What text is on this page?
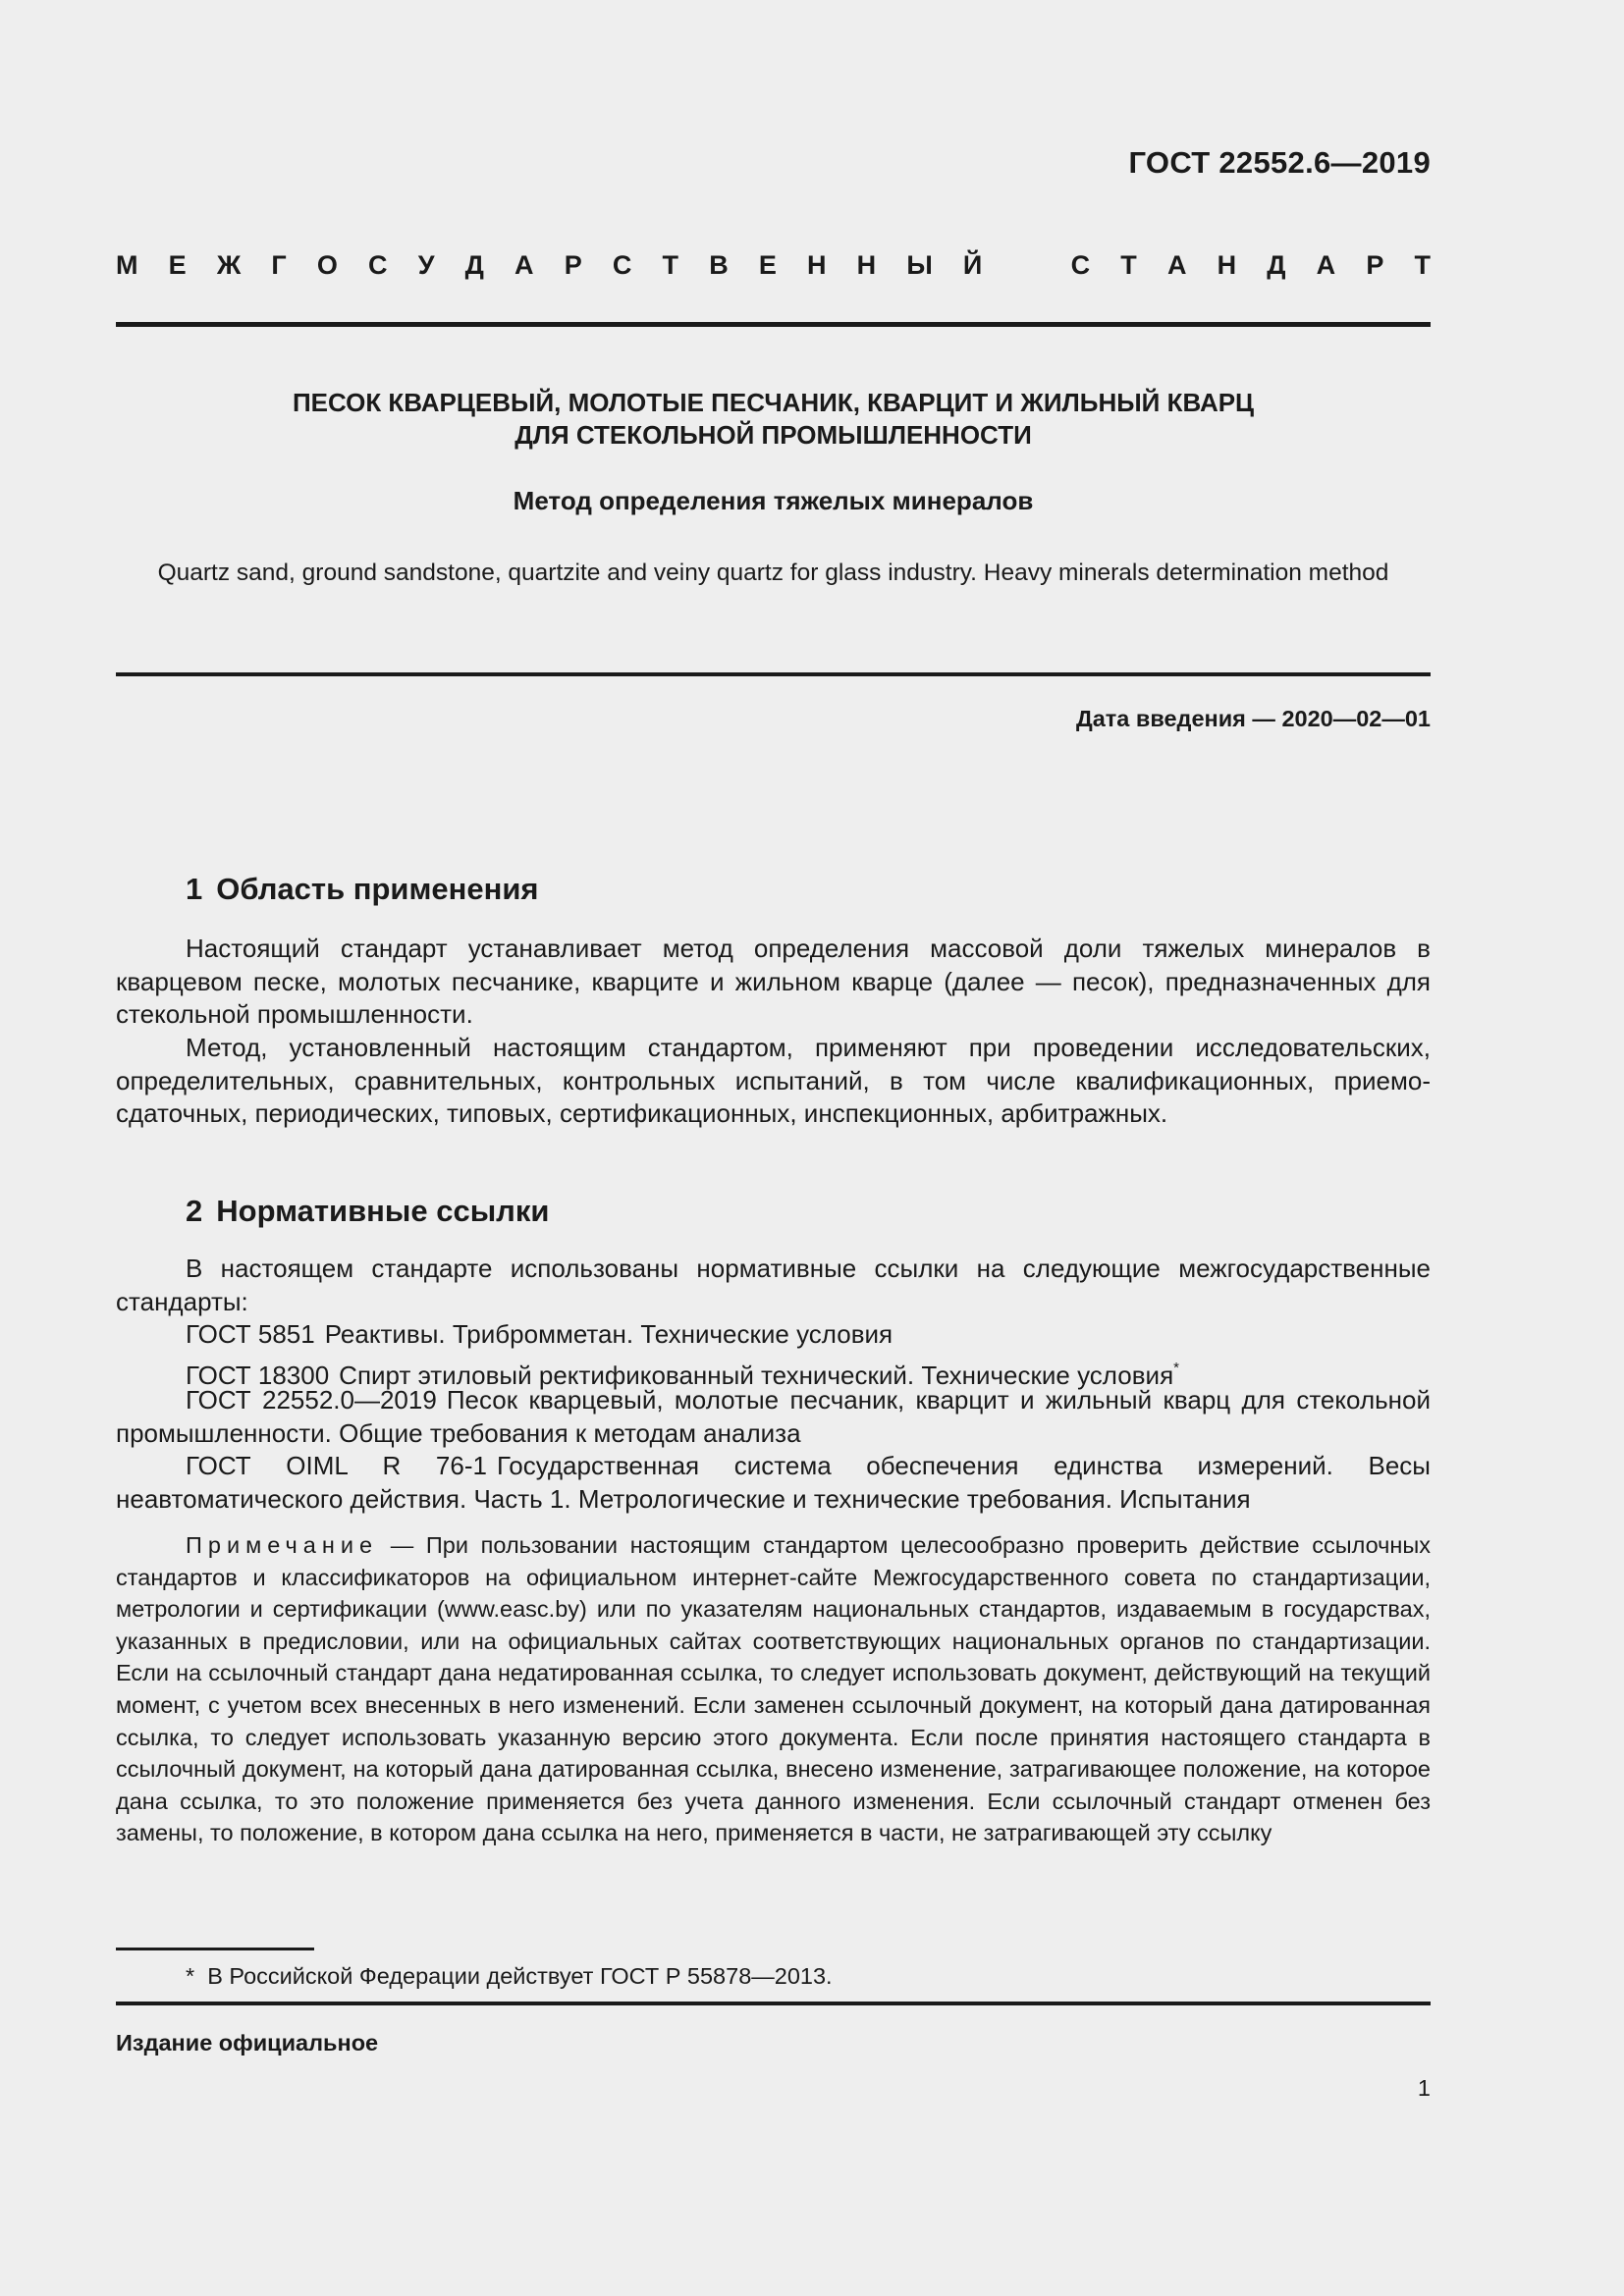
ГОСТ 22552.6—2019
М Е Ж Г О С У Д А Р С Т В Е Н Н Ы Й	С Т А Н Д А Р Т
ПЕСОК КВАРЦЕВЫЙ, МОЛОТЫЕ ПЕСЧАНИК, КВАРЦИТ И ЖИЛЬНЫЙ КВАРЦ
ДЛЯ СТЕКОЛЬНОЙ ПРОМЫШЛЕННОСТИ
Метод определения тяжелых минералов
Quartz sand, ground sandstone, quartzite and veiny quartz for glass industry. Heavy minerals determination method
Дата введения — 2020—02—01
1 Область применения
Настоящий стандарт устанавливает метод определения массовой доли тяжелых минералов в кварцевом песке, молотых песчанике, кварците и жильном кварце (далее — песок), предназначенных для стекольной промышленности.
Метод, установленный настоящим стандартом, применяют при проведении исследовательских, определительных, сравнительных, контрольных испытаний, в том числе квалификационных, приемо-сдаточных, периодических, типовых, сертификационных, инспекционных, арбитражных.
2 Нормативные ссылки
В настоящем стандарте использованы нормативные ссылки на следующие межгосударственные стандарты:
ГОСТ 5851 Реактивы. Трибромметан. Технические условия
ГОСТ 18300 Спирт этиловый ректификованный технический. Технические условия*
ГОСТ 22552.0—2019 Песок кварцевый, молотые песчаник, кварцит и жильный кварц для стекольной промышленности. Общие требования к методам анализа
ГОСТ OIML R 76-1 Государственная система обеспечения единства измерений. Весы неавтоматического действия. Часть 1. Метрологические и технические требования. Испытания
Примечание — При пользовании настоящим стандартом целесообразно проверить действие ссылочных стандартов и классификаторов на официальном интернет-сайте Межгосударственного совета по стандартизации, метрологии и сертификации (www.easc.by) или по указателям национальных стандартов, издаваемым в государствах, указанных в предисловии, или на официальных сайтах соответствующих национальных органов по стандартизации. Если на ссылочный стандарт дана недатированная ссылка, то следует использовать документ, действующий на текущий момент, с учетом всех внесенных в него изменений. Если заменен ссылочный документ, на который дана датированная ссылка, то следует использовать указанную версию этого документа. Если после принятия настоящего стандарта в ссылочный документ, на который дана датированная ссылка, внесено изменение, затрагивающее положение, на которое дана ссылка, то это положение применяется без учета данного изменения. Если ссылочный стандарт отменен без замены, то положение, в котором дана ссылка на него, применяется в части, не затрагивающей эту ссылку
* В Российской Федерации действует ГОСТ Р 55878—2013.
Издание официальное
1
